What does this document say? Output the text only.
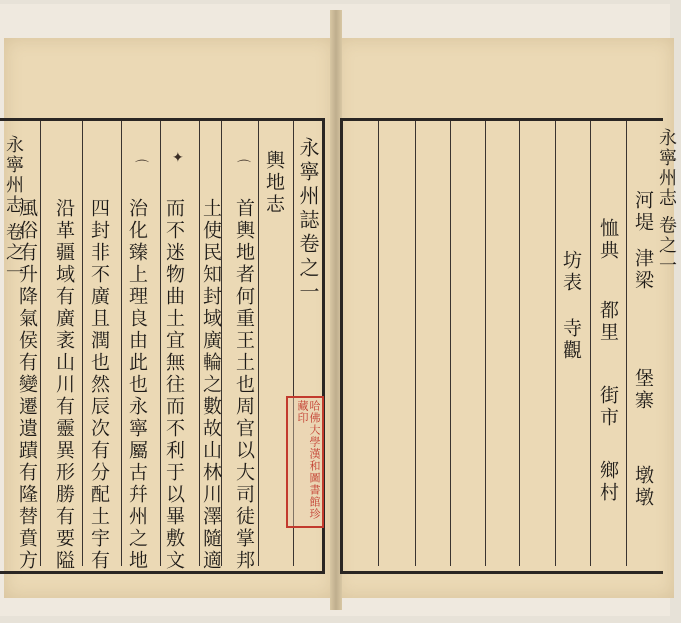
永寧州志 卷之一	永寧州誌卷之一
輿地志
✦
⌒	⌒
首輿地者何重王土也周官以大司徒掌邦
土使民知封域廣輪之數故山林川澤隨適
而不迷物曲土宜無往而不利于以畢敷文
治化臻上理良由此也永寧屬古幷州之地
四封非不廣且潤也然辰次有分配土宇有
沿革疆域有廣袤山川有靈異形勝有要隘
風俗有升降氣侯有變遷遺蹟有隆替賁方	哈佛大學漢和圖書館珍藏印
永寧州志 卷之一
河堤
津梁
堡寨
墩墩
恤典
都里
街市
鄉村
坊表
寺觀
